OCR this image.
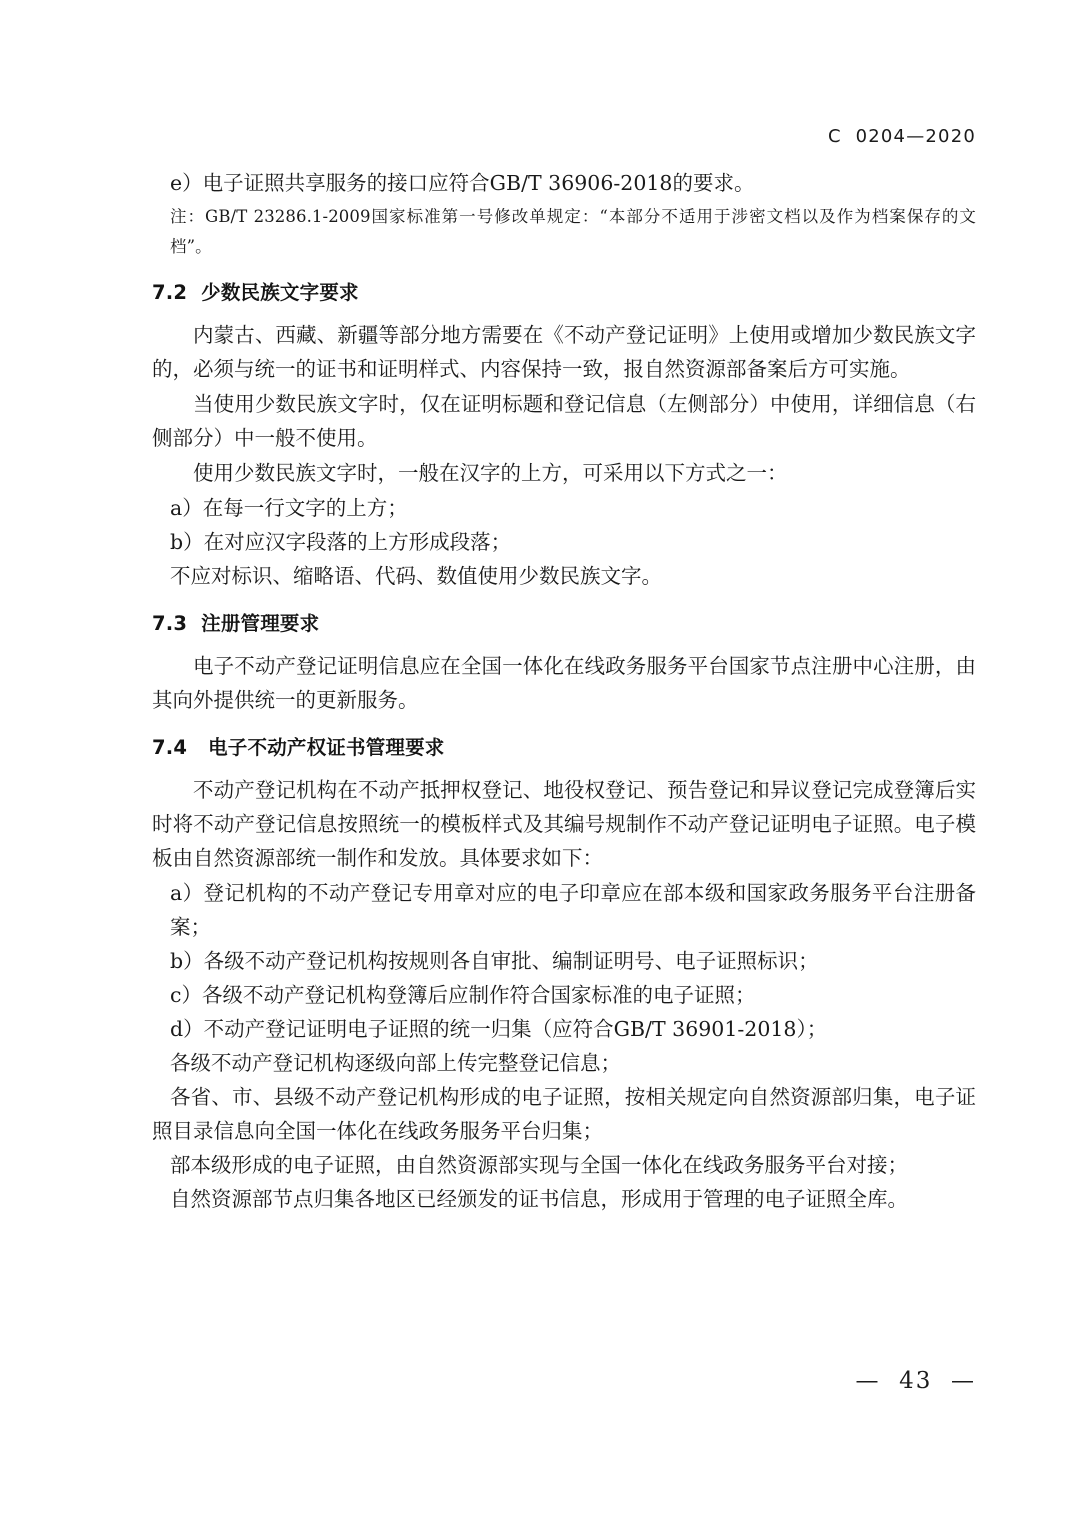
C  0204—2020

e）电子证照共享服务的接口应符合GB/T 36906-2018的要求。

注：GB/T 23286.1-2009国家标准第一号修改单规定：“本部分不适用于涉密文档以及作为档案保存的文档”。

7.2  少数民族文字要求

内蒙古、西藏、新疆等部分地方需要在《不动产登记证明》上使用或增加少数民族文字的，必须与统一的证书和证明样式、内容保持一致，报自然资源部备案后方可实施。

当使用少数民族文字时，仅在证明标题和登记信息（左侧部分）中使用，详细信息（右侧部分）中一般不使用。

使用少数民族文字时，一般在汉字的上方，可采用以下方式之一：

a）在每一行文字的上方；

b）在对应汉字段落的上方形成段落；

不应对标识、缩略语、代码、数值使用少数民族文字。

7.3  注册管理要求

电子不动产登记证明信息应在全国一体化在线政务服务平台国家节点注册中心注册，由其向外提供统一的更新服务。

7.4   电子不动产权证书管理要求

不动产登记机构在不动产抵押权登记、地役权登记、预告登记和异议登记完成登簿后实时将不动产登记信息按照统一的模板样式及其编号规制作不动产登记证明电子证照。电子模板由自然资源部统一制作和发放。具体要求如下：

a）登记机构的不动产登记专用章对应的电子印章应在部本级和国家政务服务平台注册备案；

b）各级不动产登记机构按规则各自审批、编制证明号、电子证照标识；

c）各级不动产登记机构登簿后应制作符合国家标准的电子证照；

d）不动产登记证明电子证照的统一归集（应符合GB/T 36901-2018）；

各级不动产登记机构逐级向部上传完整登记信息；

各省、市、县级不动产登记机构形成的电子证照，按相关规定向自然资源部归集，电子证照目录信息向全国一体化在线政务服务平台归集；

部本级形成的电子证照，由自然资源部实现与全国一体化在线政务服务平台对接；

自然资源部节点归集各地区已经颁发的证书信息，形成用于管理的电子证照全库。

—  43  —
